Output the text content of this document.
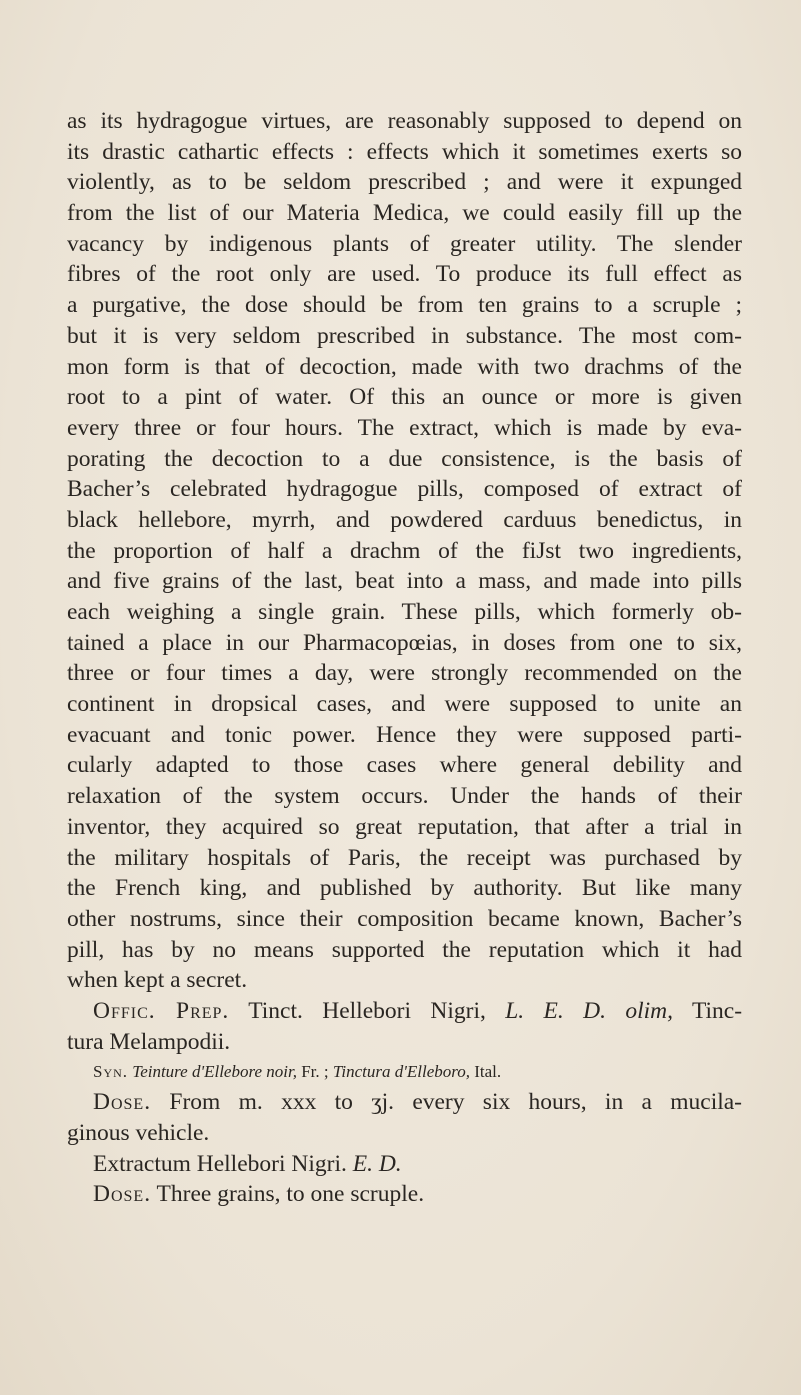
as its hydragogue virtues, are reasonably supposed to depend on
its drastic cathartic effects : effects which it sometimes exerts so
violently, as to be seldom prescribed ; and were it expunged
from the list of our Materia Medica, we could easily fill up the
vacancy by indigenous plants of greater utility. The slender
fibres of the root only are used. To produce its full effect as
a purgative, the dose should be from ten grains to a scruple ;
but it is very seldom prescribed in substance. The most com-
mon form is that of decoction, made with two drachms of the
root to a pint of water. Of this an ounce or more is given
every three or four hours. The extract, which is made by eva-
porating the decoction to a due consistence, is the basis of
Bacher’s celebrated hydragogue pills, composed of extract of
black hellebore, myrrh, and powdered carduus benedictus, in
the proportion of half a drachm of the fiJst two ingredients,
and five grains of the last, beat into a mass, and made into pills
each weighing a single grain. These pills, which formerly ob-
tained a place in our Pharmacopœias, in doses from one to six,
three or four times a day, were strongly recommended on the
continent in dropsical cases, and were supposed to unite an
evacuant and tonic power. Hence they were supposed parti-
cularly adapted to those cases where general debility and
relaxation of the system occurs. Under the hands of their
inventor, they acquired so great reputation, that after a trial in
the military hospitals of Paris, the receipt was purchased by
the French king, and published by authority. But like many
other nostrums, since their composition became known, Bacher’s
pill, has by no means supported the reputation which it had
when kept a secret.
Offic. Prep. Tinct. Hellebori Nigri, L. E. D. olim, Tinc-
tura Melampodii.
Syn. Teinture d'Ellebore noir, Fr. ; Tinctura d'Elleboro, Ital.
Dose. From m. xxx to ʒj. every six hours, in a mucila-
ginous vehicle.
Extractum Hellebori Nigri. E. D.
Dose. Three grains, to one scruple.
